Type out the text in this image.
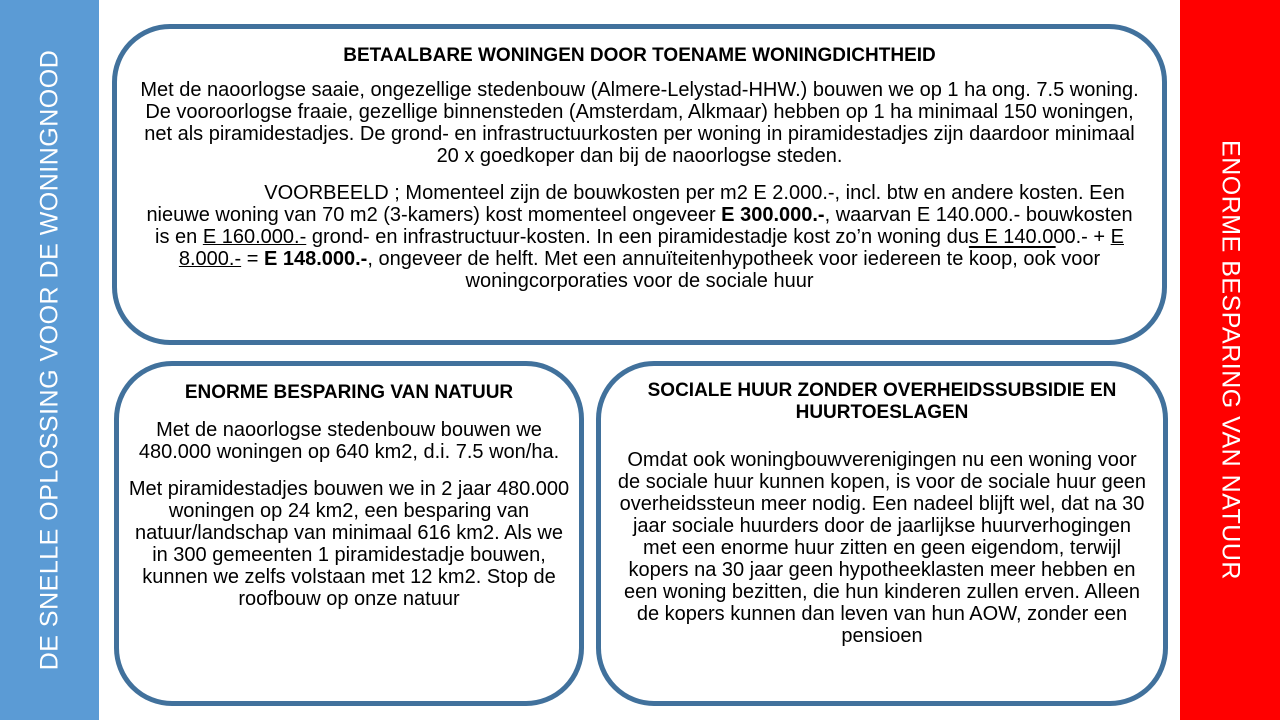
DE SNELLE OPLOSSING VOOR DE WONINGNOOD	ENORME BESPARING VAN NATUUR
BETAALBARE WONINGEN DOOR TOENAME WONINGDICHTHEID
Met de naoorlogse saaie, ongezellige stedenbouw (Almere-Lelystad-HHW.) bouwen we op 1 ha ong. 7.5 woning. De vooroorlogse fraaie, gezellige binnensteden (Amsterdam, Alkmaar) hebben op 1 ha minimaal 150 woningen, net als piramidestadjes. De grond- en infrastructuurkosten per woning in piramidestadjes zijn daardoor minimaal 20 x goedkoper dan bij de naoorlogse steden.
VOORBEELD ; Momenteel zijn de bouwkosten per m2 E 2.000.-, incl. btw en andere kosten. Een nieuwe woning van 70 m2 (3-kamers) kost momenteel ongeveer E 300.000.-, waarvan E 140.000.- bouwkosten is en E 160.000.- grond- en infrastructuur-kosten. In een piramidestadje kost zo’n woning dus E 140.000.- + E 8.000.- = E 148.000.-, ongeveer de helft. Met een annuïteitenhypotheek voor iedereen te koop, ook voor woningcorporaties voor de sociale huur
ENORME BESPARING VAN NATUUR
Met de naoorlogse stedenbouw bouwen we 480.000 woningen op 640 km2, d.i. 7.5 won/ha.
Met piramidestadjes bouwen we in 2 jaar 480.000 woningen op 24 km2, een besparing van natuur/landschap van minimaal 616 km2. Als we in 300 gemeenten 1 piramidestadje bouwen, kunnen we zelfs volstaan met 12 km2. Stop de roofbouw op onze natuur
SOCIALE HUUR ZONDER OVERHEIDSSUBSIDIE EN HUURTOESLAGEN
Omdat ook woningbouwverenigingen nu een woning voor de sociale huur kunnen kopen, is voor de sociale huur geen overheidssteun meer nodig. Een nadeel blijft wel, dat na 30 jaar sociale huurders door de jaarlijkse huurverhogingen met een enorme huur zitten en geen eigendom, terwijl kopers na 30 jaar geen hypotheeklasten meer hebben en een woning bezitten, die hun kinderen zullen erven. Alleen de kopers kunnen dan leven van hun AOW, zonder een pensioen
